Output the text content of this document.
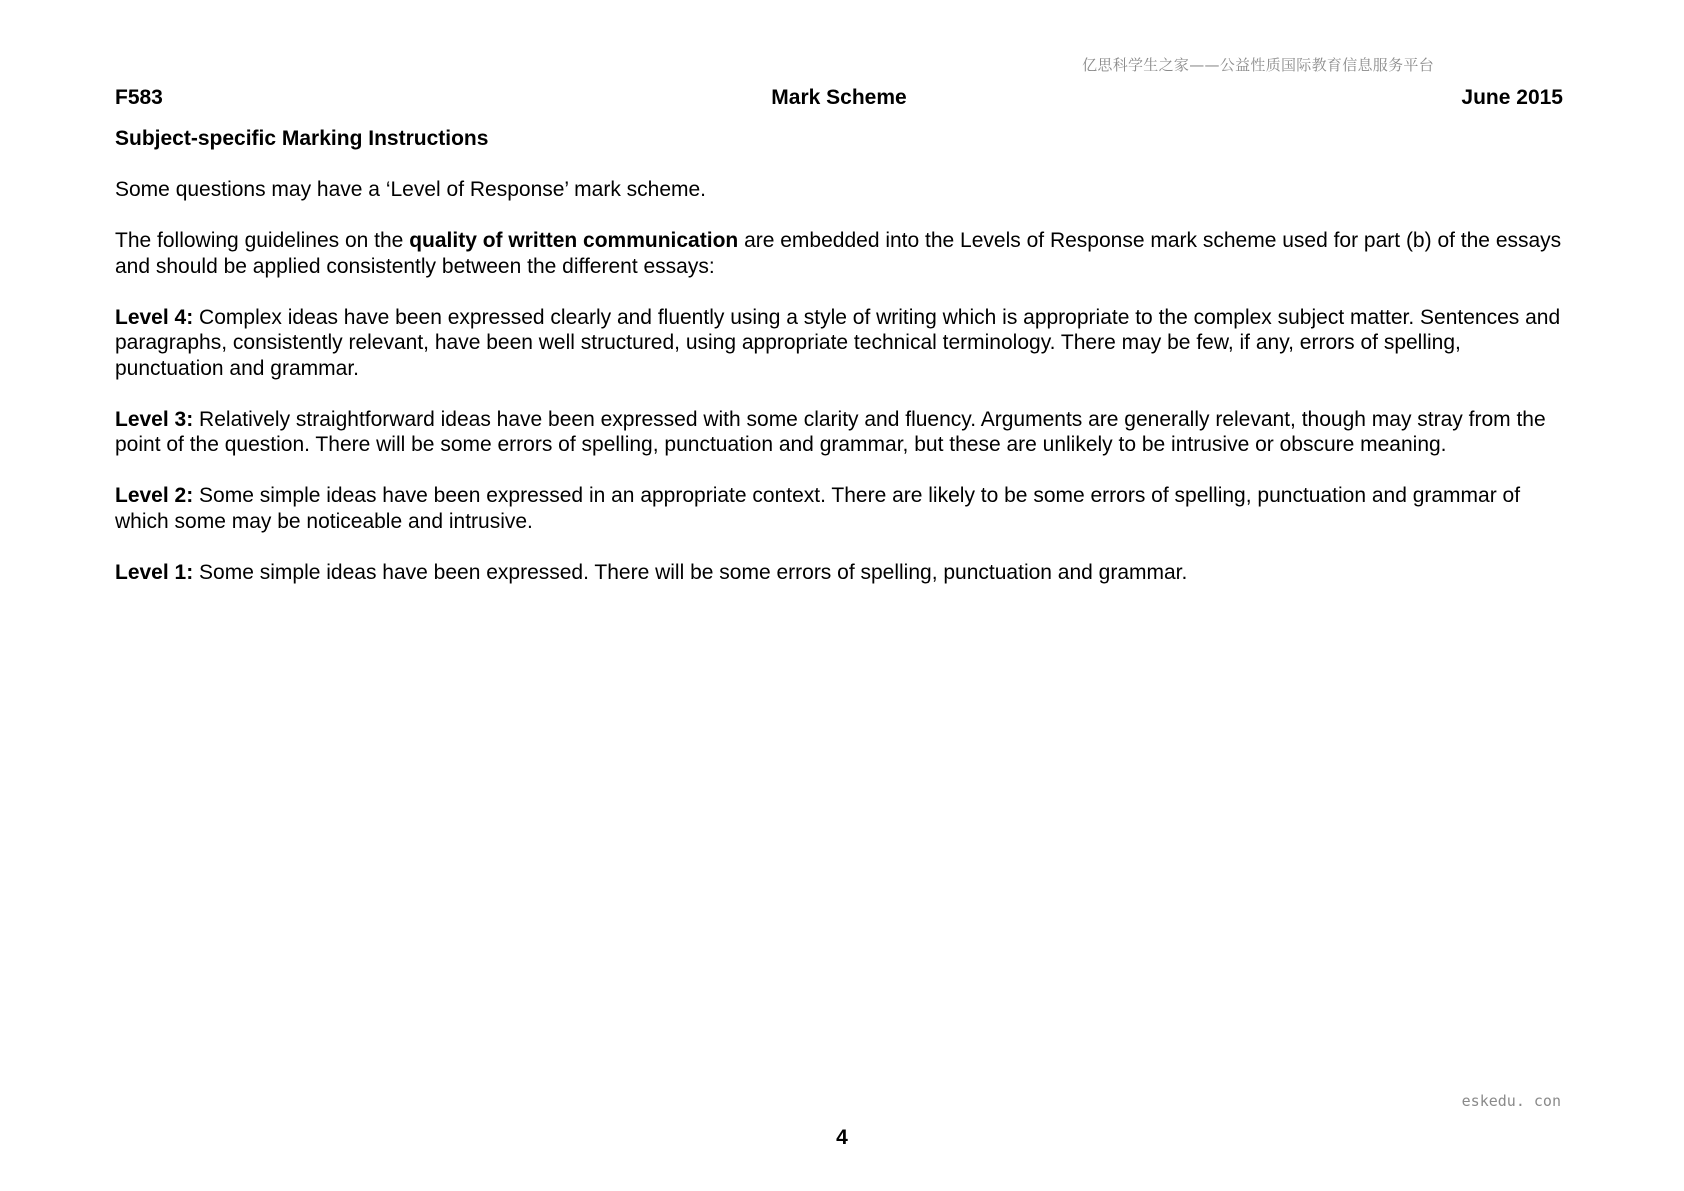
亿思科学生之家——公益性质国际教育信息服务平台
F583	Mark Scheme	June 2015

Subject-specific Marking Instructions

Some questions may have a ‘Level of Response’ mark scheme.

The following guidelines on the quality of written communication are embedded into the Levels of Response mark scheme used for part (b) of the essays and should be applied consistently between the different essays:

Level 4: Complex ideas have been expressed clearly and fluently using a style of writing which is appropriate to the complex subject matter. Sentences and paragraphs, consistently relevant, have been well structured, using appropriate technical terminology. There may be few, if any, errors of spelling, punctuation and grammar.

Level 3: Relatively straightforward ideas have been expressed with some clarity and fluency. Arguments are generally relevant, though may stray from the point of the question. There will be some errors of spelling, punctuation and grammar, but these are unlikely to be intrusive or obscure meaning.

Level 2: Some simple ideas have been expressed in an appropriate context. There are likely to be some errors of spelling, punctuation and grammar of which some may be noticeable and intrusive.

Level 1: Some simple ideas have been expressed. There will be some errors of spelling, punctuation and grammar.

eskedu. con
4
